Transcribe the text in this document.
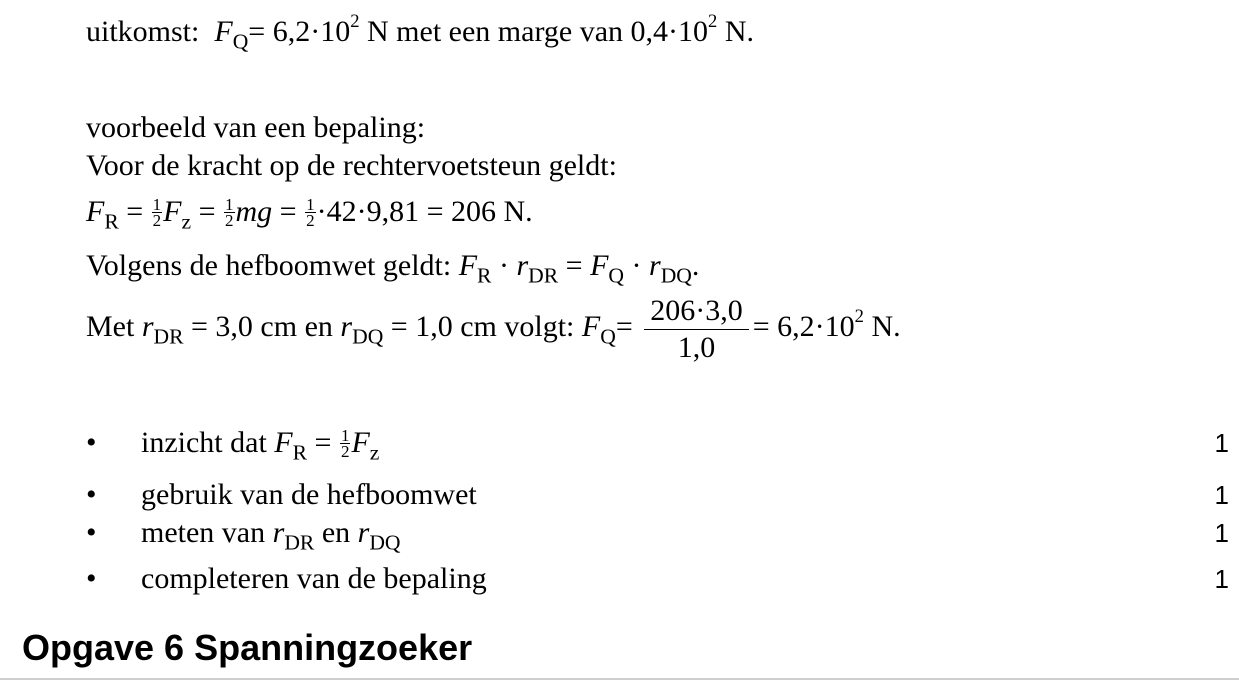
uitkomst: $F_Q= 6,2\cdot 10^2$ N met een marge van $0,4\cdot 10^2$ N.
voorbeeld van een bepaling:
Voor de kracht op de rechtervoetsteun geldt:
$F_R = \frac{1}{2} F_z = \frac{1}{2}$ mg = $\frac{1}{2} \cdot 42\cdot 9,81 = 206$ N.
Volgens de hefboomwet geldt: $F_R \cdot r_{DR} = F_Q \cdot r_{DQ}$.
Met $r_{DR} = 3,0$ cm en $r_{DQ} = 1,0$ cm volgt: $F_Q= \frac{206\cdot 3,0}{1,0} = 6,2\cdot 10^2$ N.
• inzicht dat $F_R = \frac{1}{2} F_z$	1
• gebruik van de hefboomwet	1
• meten van $r_{DR}$ en $r_{DQ}$	1
• completeren van de bepaling	1
Opgave 6 Spanningzoeker
